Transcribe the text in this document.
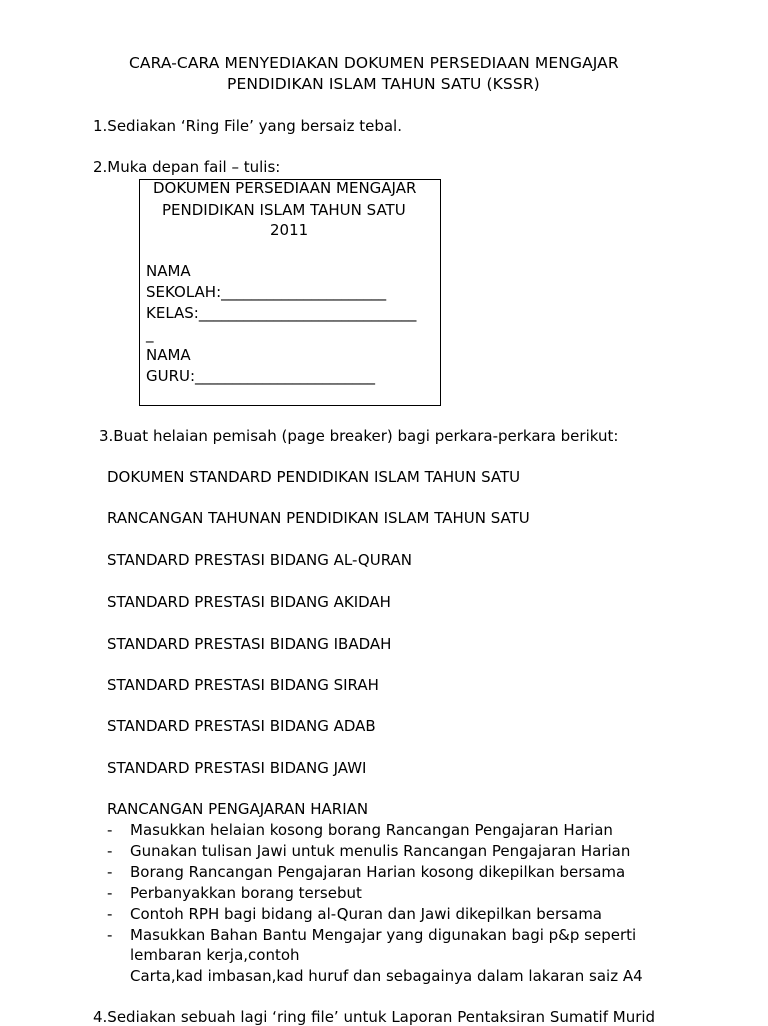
CARA-CARA MENYEDIAKAN DOKUMEN PERSEDIAAN MENGAJAR
PENDIDIKAN ISLAM TAHUN SATU (KSSR)
1.Sediakan ‘Ring File’ yang bersaiz tebal.
2.Muka depan fail – tulis:
DOKUMEN PERSEDIAAN MENGAJAR
PENDIDIKAN ISLAM TAHUN SATU
2011
NAMA
SEKOLAH:______________________
KELAS:_____________________________
_
NAMA
GURU:________________________
3.Buat helaian pemisah (page breaker) bagi perkara-perkara berikut:
DOKUMEN STANDARD PENDIDIKAN ISLAM TAHUN SATU
RANCANGAN TAHUNAN PENDIDIKAN ISLAM TAHUN SATU
STANDARD PRESTASI BIDANG AL-QURAN
STANDARD PRESTASI BIDANG AKIDAH
STANDARD PRESTASI BIDANG IBADAH
STANDARD PRESTASI BIDANG SIRAH
STANDARD PRESTASI BIDANG ADAB
STANDARD PRESTASI BIDANG JAWI
RANCANGAN PENGAJARAN HARIAN
- Masukkan helaian kosong borang Rancangan Pengajaran Harian
- Gunakan tulisan Jawi untuk menulis Rancangan Pengajaran Harian
- Borang Rancangan Pengajaran Harian kosong dikepilkan bersama
- Perbanyakkan borang tersebut
- Contoh RPH bagi bidang al-Quran dan Jawi dikepilkan bersama
- Masukkan Bahan Bantu Mengajar yang digunakan bagi p&p seperti
lembaran kerja,contoh
Carta,kad imbasan,kad huruf dan sebagainya dalam lakaran saiz A4
4.Sediakan sebuah lagi ‘ring file’ untuk Laporan Pentaksiran Sumatif Murid
